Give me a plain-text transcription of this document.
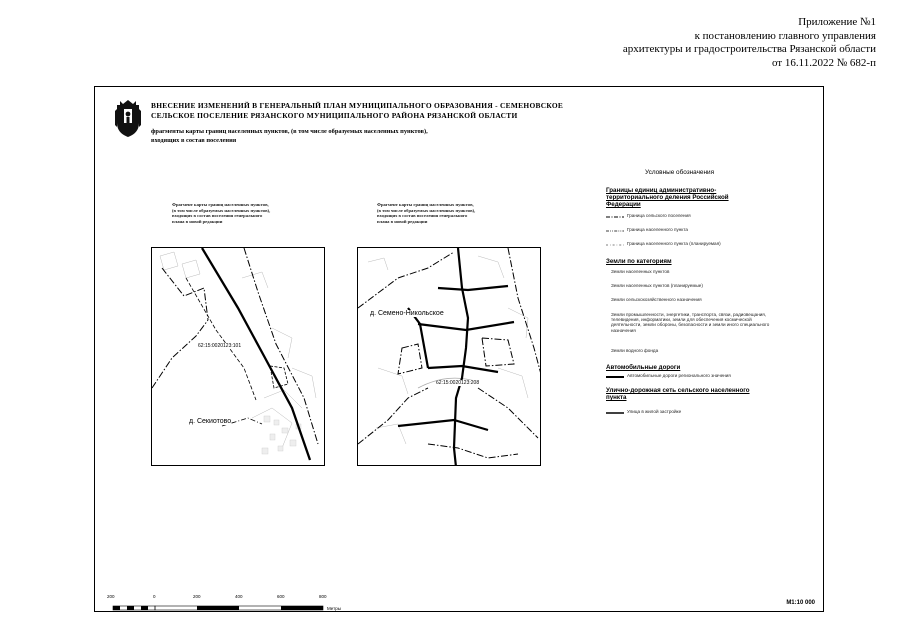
Приложение №1
к постановлению главного управления
архитектуры и градостроительства Рязанской области
от 16.11.2022 № 682-п
ВНЕСЕНИЕ ИЗМЕНЕНИЙ В ГЕНЕРАЛЬНЫЙ ПЛАН МУНИЦИПАЛЬНОГО ОБРАЗОВАНИЯ - СЕМЕНОВСКОЕ
СЕЛЬСКОЕ ПОСЕЛЕНИЕ РЯЗАНСКОГО МУНИЦИПАЛЬНОГО РАЙОНА РЯЗАНСКОЙ ОБЛАСТИ
фрагменты карты границ населенных пунктов, (в том числе образуемых населенных пунктов),
входящих в состав поселения
Фрагмент карты границ населенных пунктов,
(в том числе образуемых населенных пунктов),
входящих в состав поселения генерального
плана в новой редакции
62:15:0020123:101
д. Секиотово
Фрагмент карты границ населенных пунктов,
(в том числе образуемых населенных пунктов),
входящих в состав поселения генерального
плана в новой редакции
д. Семено-Никольское
62:15:0020123:208
Условные обозначения
Границы единиц административно-территориального деления Российской Федерации
Граница сельского поселения
Граница населенного пункта
Граница населенного пункта (планируемая)
Земли по категориям
Земли населенных пунктов
Земли населенных пунктов (планируемые)
Земли сельскохозяйственного назначения
Земли промышленности, энергетики, транспорта, связи, радиовещания, телевидения, информатики, земли для обеспечения космической деятельности, земли обороны, безопасности и земли иного специального назначения
Земли водного фонда
Автомобильные дороги
Автомобильные дороги регионального значения
Улично-дорожная сеть сельского населенного пункта
Улица в жилой застройке
200	0	200	400	600	800
Метры
М1:10 000
